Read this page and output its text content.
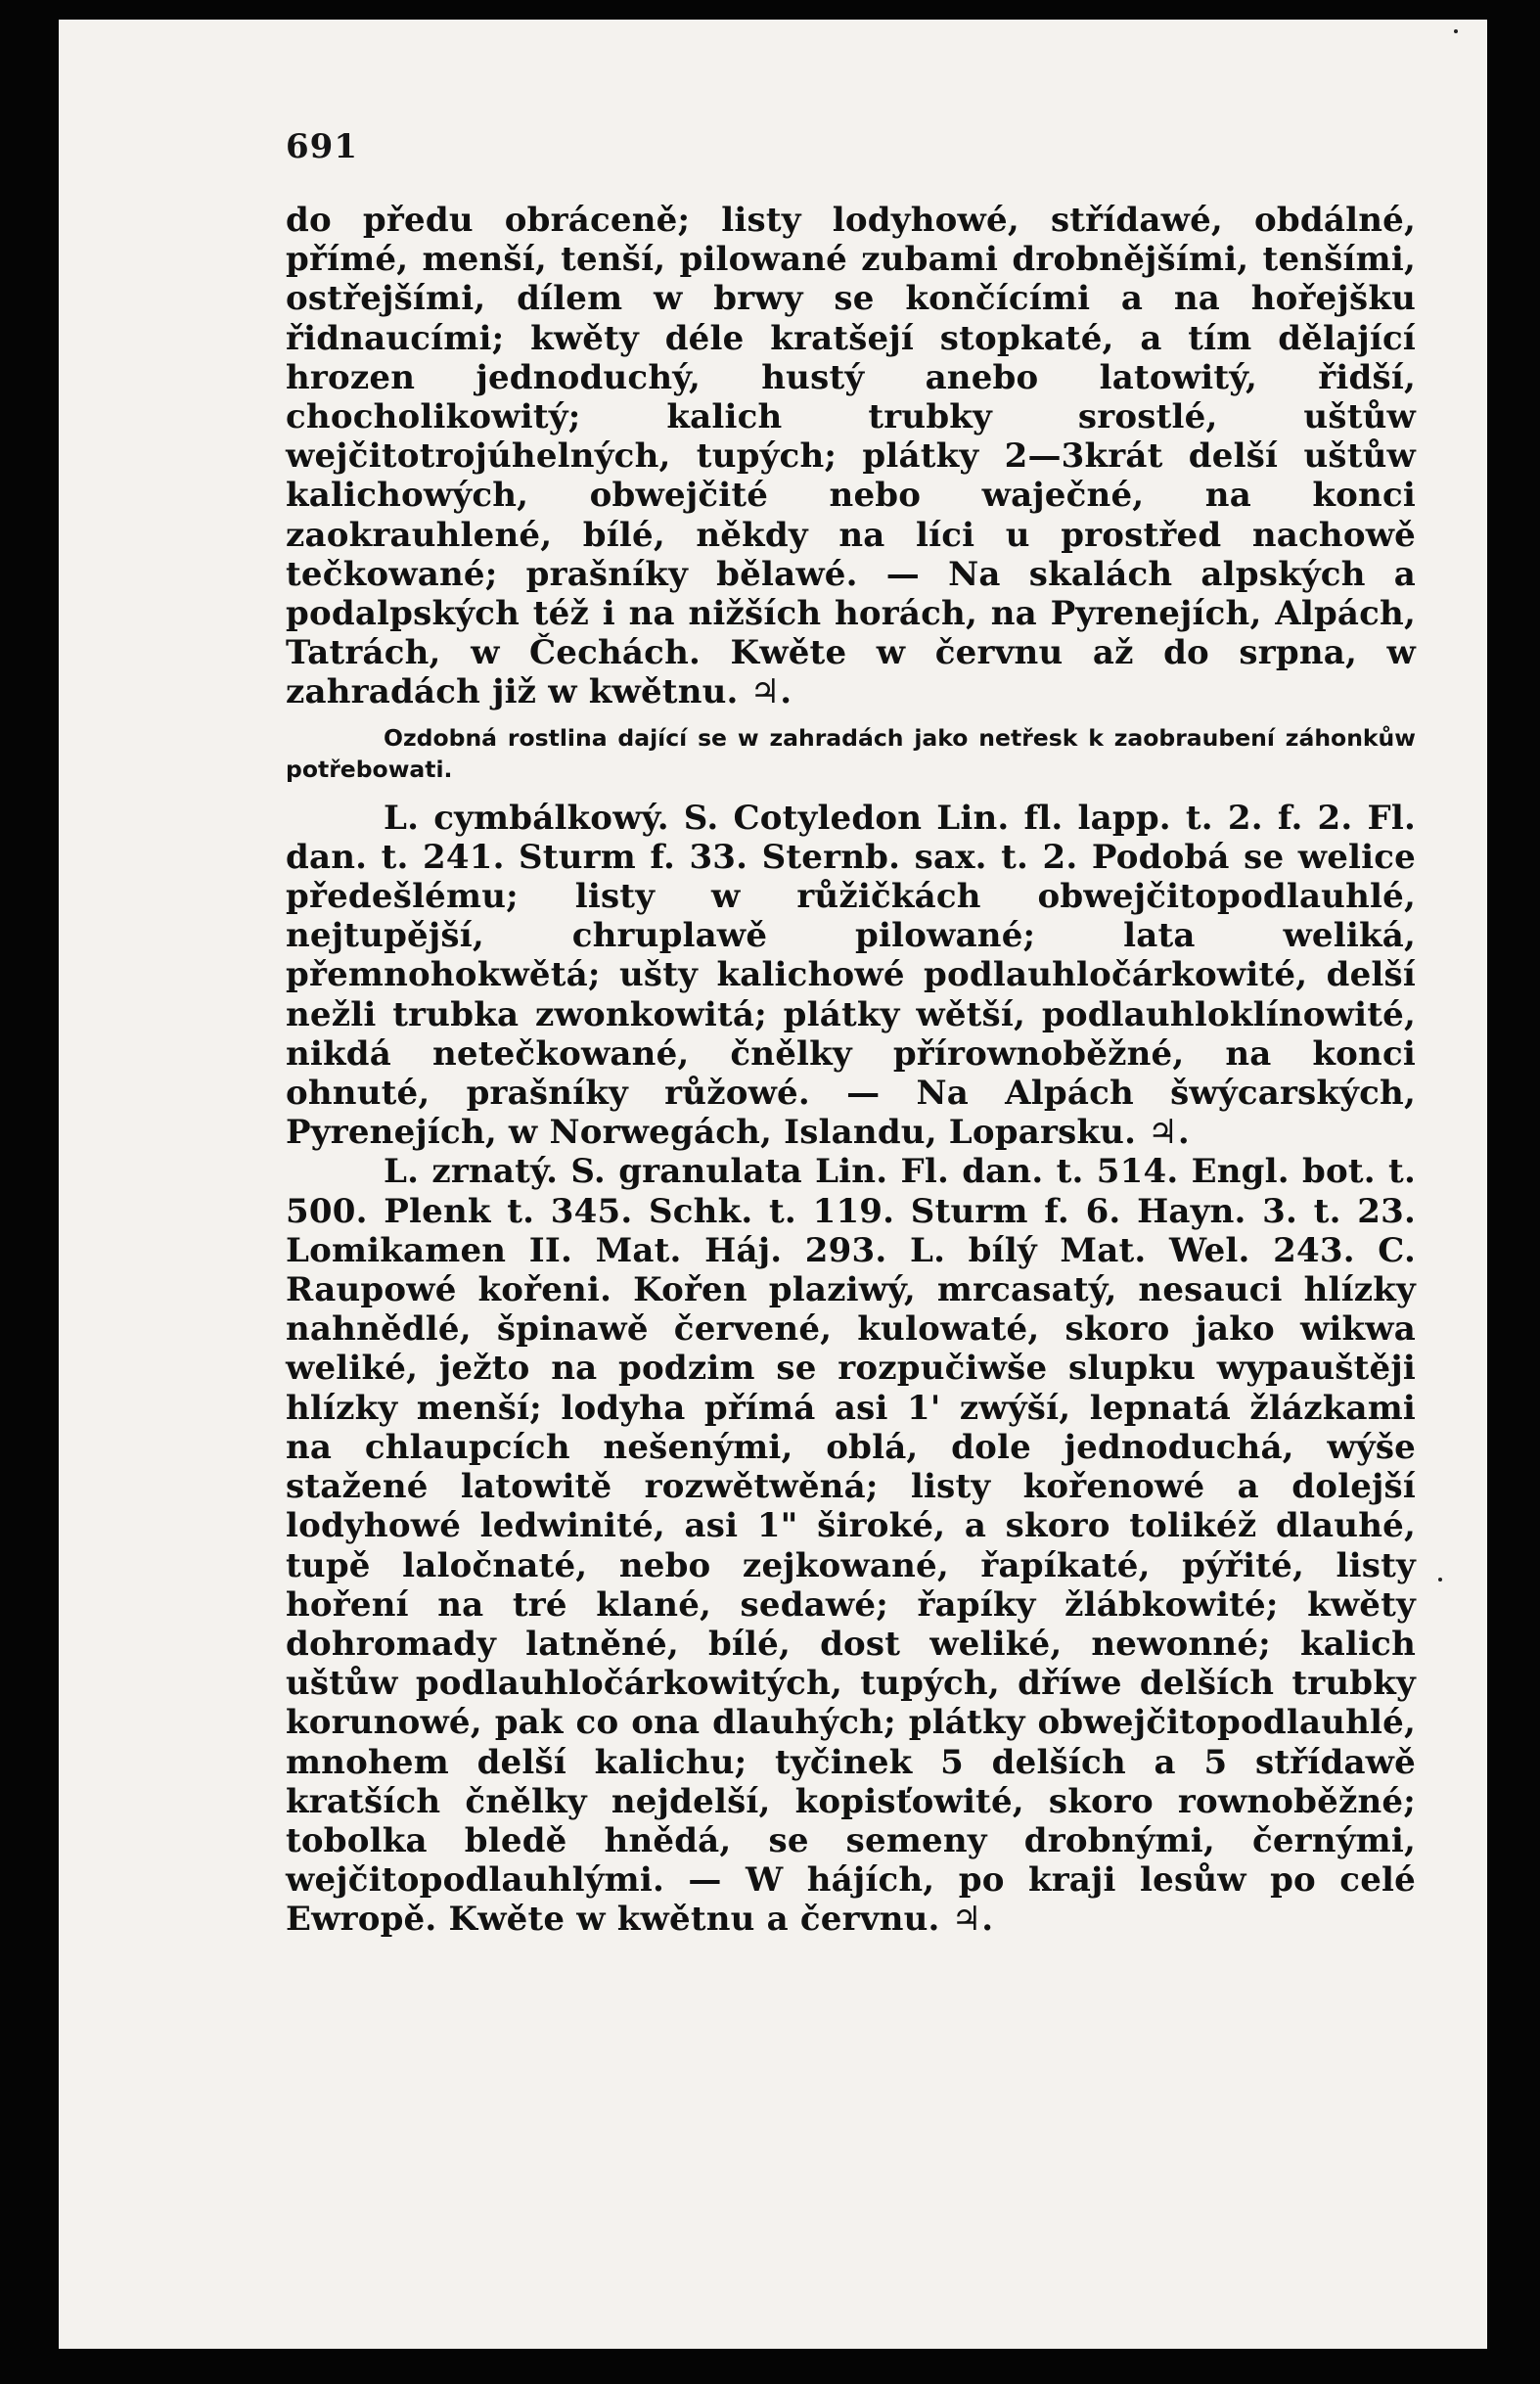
691

do předu obráceně; listy lodyhowé, střídawé, obdálné, přímé, menší, tenší, pilowané zubami drobnějšími, tenšími, ostřejšími, dílem w brwy se končícími a na hořejšku řidnaucími; kwěty déle kratšejí stopkaté, a tím dělající hrozen jednoduchý, hustý anebo latowitý, řidší, chocholikowitý; kalich trubky srostlé, uštůw wejčitotrojúhelných, tupých; plátky 2—3krát delší uštůw kalichowých, obwejčité nebo waječné, na konci zaokrauhlené, bílé, někdy na líci u prostřed nachowě tečkowané; prašníky bělawé. — Na skalách alpských a podalpských též i na nižších horách, na Pyrenejích, Alpách, Tatrách, w Čechách. Kwěte w červnu až do srpna, w zahradách již w kwětnu. ♃.

Ozdobná rostlina dající se w zahradách jako netřesk k zaobraubení záhonkůw potřebowati.

L. cymbálkowý. S. Cotyledon Lin. fl. lapp. t. 2. f. 2. Fl. dan. t. 241. Sturm f. 33. Sternb. sax. t. 2. Podobá se welice předešlému; listy w růžičkách obwejčitopodlauhlé, nejtupější, chruplawě pilowané; lata weliká, přemnohokwětá; ušty kalichowé podlauhločárkowité, delší nežli trubka zwonkowitá; plátky wětší, podlauhloklínowité, nikdá netečkowané, čnělky přírownoběžné, na konci ohnuté, prašníky růžowé. — Na Alpách šwýcarských, Pyrenejích, w Norwegách, Islandu, Loparsku. ♃.

L. zrnatý. S. granulata Lin. Fl. dan. t. 514. Engl. bot. t. 500. Plenk t. 345. Schk. t. 119. Sturm f. 6. Hayn. 3. t. 23. Lomikamen II. Mat. Háj. 293. L. bílý Mat. Wel. 243. C. Raupowé kořeni. Kořen plaziwý, mrcasatý, nesauci hlízky nahnědlé, špinawě červené, kulowaté, skoro jako wikwa weliké, ježto na podzim se rozpučiwše slupku wypauštěji hlízky menší; lodyha přímá asi 1' zwýší, lepnatá žlázkami na chlaupcích nešenými, oblá, dole jednoduchá, wýše stažené latowitě rozwětwěná; listy kořenowé a dolejší lodyhowé ledwinité, asi 1" široké, a skoro tolikéž dlauhé, tupě laločnaté, nebo zejkowané, řapíkaté, pýřité, listy hoření na tré klané, sedawé; řapíky žlábkowité; kwěty dohromady latněné, bílé, dost weliké, newonné; kalich uštůw podlauhločárkowitých, tupých, dříwe delších trubky korunowé, pak co ona dlauhých; plátky obwejčitopodlauhlé, mnohem delší kalichu; tyčinek 5 delších a 5 střídawě kratších čnělky nejdelší, kopisťowité, skoro rownoběžné; tobolka bledě hnědá, se semeny drobnými, černými, wejčitopodlauhlými. — W hájích, po kraji lesůw po celé Ewropě. Kwěte w kwětnu a červnu. ♃.
